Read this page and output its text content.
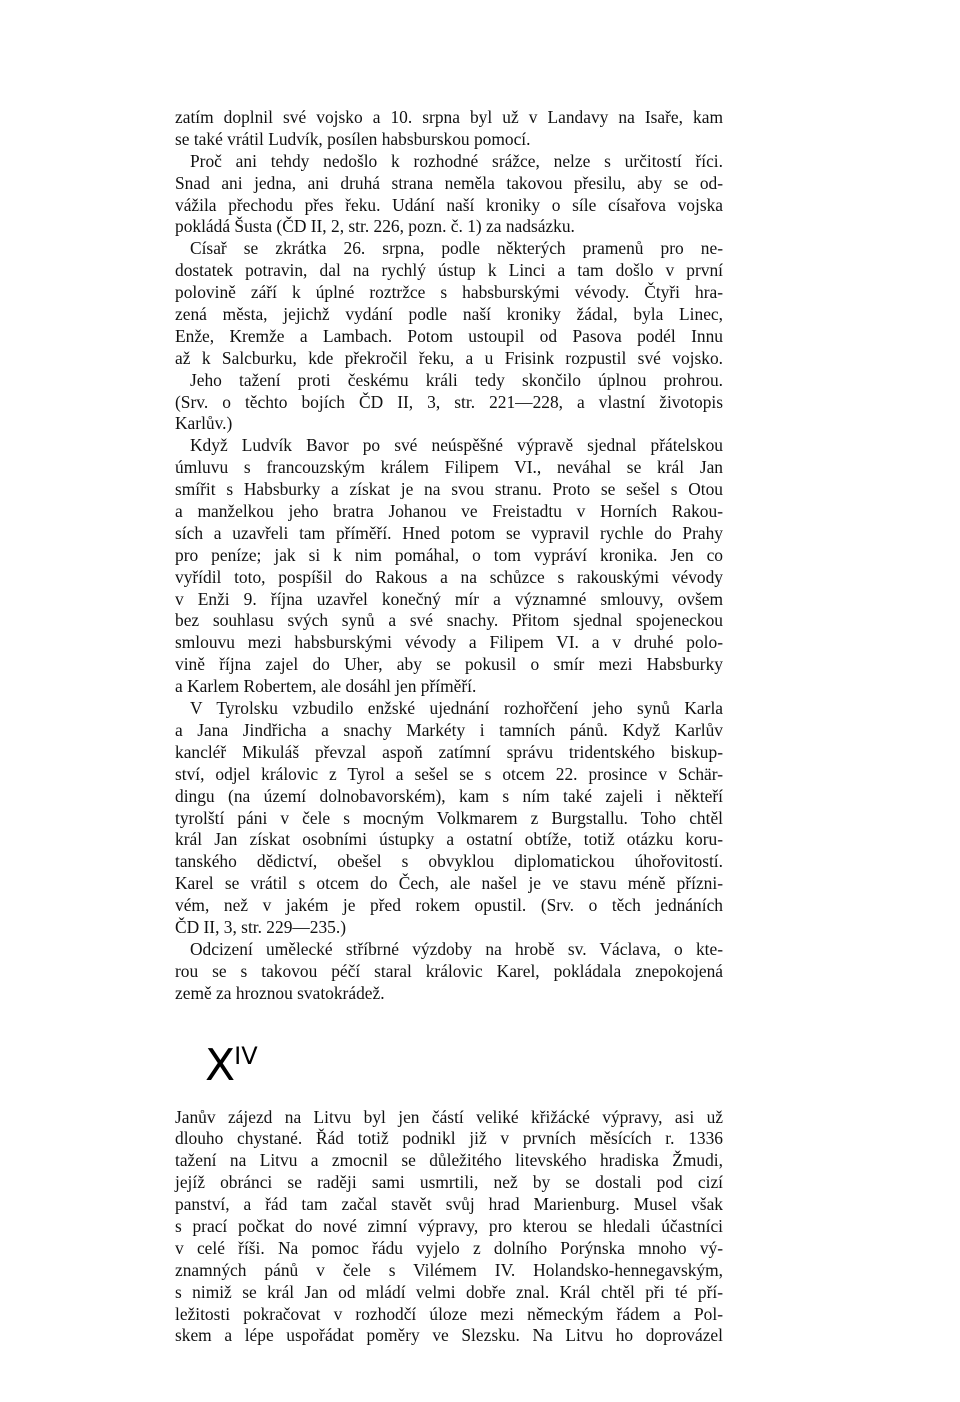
zatím doplnil své vojsko a 10. srpna byl už v Landavy na Isaře, kam
se také vrátil Ludvík, posílen habsburskou pomocí.
Proč ani tehdy nedošlo k rozhodné srážce, nelze s určitostí říci.
Snad ani jedna, ani druhá strana neměla takovou přesilu, aby se od-
vážila přechodu přes řeku. Udání naší kroniky o síle císařova vojska
pokládá Šusta (ČD II, 2, str. 226, pozn. č. 1) za nadsázku.
Císař se zkrátka 26. srpna, podle některých pramenů pro ne-
dostatek potravin, dal na rychlý ústup k Linci a tam došlo v první
polovině září k úplné roztržce s habsburskými vévody. Čtyři hra-
zená města, jejichž vydání podle naší kroniky žádal, byla Linec,
Enže, Kremže a Lambach. Potom ustoupil od Pasova podél Innu
až k Salcburku, kde překročil řeku, a u Frisink rozpustil své vojsko.
Jeho tažení proti českému králi tedy skončilo úplnou prohrou.
(Srv. o těchto bojích ČD II, 3, str. 221—228, a vlastní životopis
Karlův.)
Když Ludvík Bavor po své neúspěšné výpravě sjednal přátelskou
úmluvu s francouzským králem Filipem VI., neváhal se král Jan
smířit s Habsburky a získat je na svou stranu. Proto se sešel s Otou
a manželkou jeho bratra Johanou ve Freistadtu v Horních Rakou-
sích a uzavřeli tam příměří. Hned potom se vypravil rychle do Prahy
pro peníze; jak si k nim pomáhal, o tom vypráví kronika. Jen co
vyřídil toto, pospíšil do Rakous a na schůzce s rakouskými vévody
v Enži 9. října uzavřel konečný mír a významné smlouvy, ovšem
bez souhlasu svých synů a své snachy. Přitom sjednal spojeneckou
smlouvu mezi habsburskými vévody a Filipem VI. a v druhé polo-
vině října zajel do Uher, aby se pokusil o smír mezi Habsburky
a Karlem Robertem, ale dosáhl jen příměří.
V Tyrolsku vzbudilo enžské ujednání rozhořčení jeho synů Karla
a Jana Jindřicha a snachy Markéty i tamních pánů. Když Karlův
kancléř Mikuláš převzal aspoň zatímní správu tridentského biskup-
ství, odjel královic z Tyrol a sešel se s otcem 22. prosince v Schär-
dingu (na území dolnobavorském), kam s ním také zajeli i někteří
tyrolští páni v čele s mocným Volkmarem z Burgstallu. Toho chtěl
král Jan získat osobními ústupky a ostatní obtíže, totiž otázku koru-
tanského dědictví, obešel s obvyklou diplomatickou úhořovitostí.
Karel se vrátil s otcem do Čech, ale našel je ve stavu méně přízni-
vém, než v jakém je před rokem opustil. (Srv. o těch jednáních
ČD II, 3, str. 229—235.)
Odcizení umělecké stříbrné výzdoby na hrobě sv. Václava, o kte-
rou se s takovou péčí staral královic Karel, pokládala znepokojená
země za hroznou svatokrádež.
$X^{IV}$
Janův zájezd na Litvu byl jen částí veliké křižácké výpravy, asi už
dlouho chystané. Řád totiž podnikl již v prvních měsících r. 1336
tažení na Litvu a zmocnil se důležitého litevského hradiska Žmudi,
jejíž obránci se raději sami usmrtili, než by se dostali pod cizí
panství, a řád tam začal stavět svůj hrad Marienburg. Musel však
s prací počkat do nové zimní výpravy, pro kterou se hledali účastníci
v celé říši. Na pomoc řádu vyjelo z dolního Porýnska mnoho vý-
znamných pánů v čele s Vilémem IV. Holandsko-hennegavským,
s nimiž se král Jan od mládí velmi dobře znal. Král chtěl při té pří-
ležitosti pokračovat v rozhodčí úloze mezi německým řádem a Pol-
skem a lépe uspořádat poměry ve Slezsku. Na Litvu ho doprovázel
